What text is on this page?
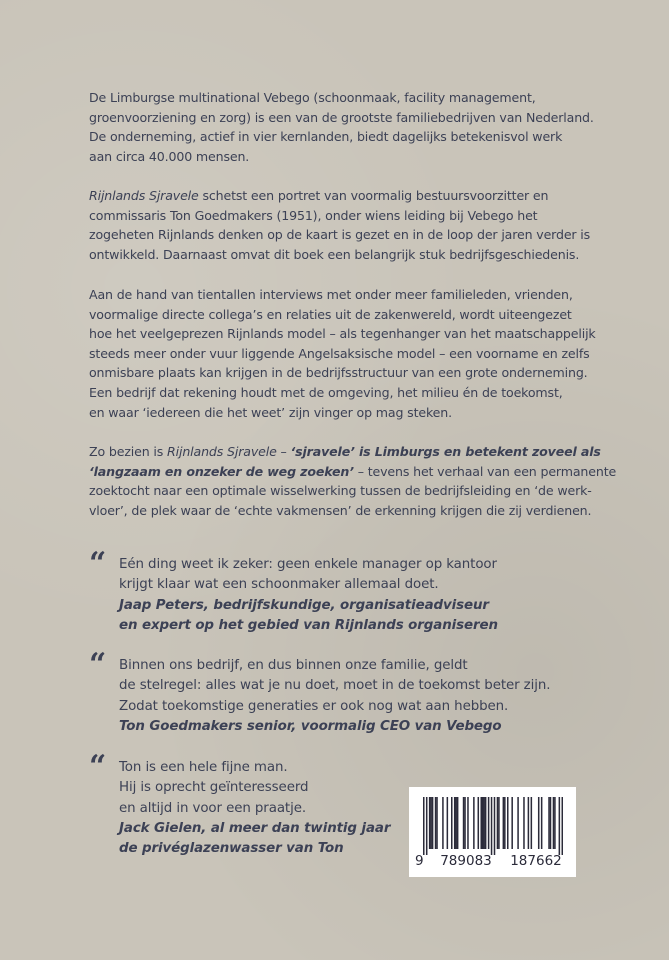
De Limburgse multinational Vebego (schoonmaak, facility management,
groenvoorziening en zorg) is een van de grootste familiebedrijven van Nederland.
De onderneming, actief in vier kernlanden, biedt dagelijks betekenisvol werk
aan circa 40.000 mensen.

Rijnlands Sjravele schetst een portret van voormalig bestuursvoorzitter en
commissaris Ton Goedmakers (1951), onder wiens leiding bij Vebego het
zogeheten Rijnlands denken op de kaart is gezet en in de loop der jaren verder is
ontwikkeld. Daarnaast omvat dit boek een belangrijk stuk bedrijfsgeschiedenis.

Aan de hand van tientallen interviews met onder meer familieleden, vrienden,
voormalige directe collega’s en relaties uit de zakenwereld, wordt uiteengezet
hoe het veelgeprezen Rijnlands model – als tegenhanger van het maatschappelijk
steeds meer onder vuur liggende Angelsaksische model – een voorname en zelfs
onmisbare plaats kan krijgen in de bedrijfsstructuur van een grote onderneming.
Een bedrijf dat rekening houdt met de omgeving, het milieu én de toekomst,
en waar ‘iedereen die het weet’ zijn vinger op mag steken.

Zo bezien is Rijnlands Sjravele – ‘sjravele’ is Limburgs en betekent zoveel als
‘langzaam en onzeker de weg zoeken’ – tevens het verhaal van een permanente
zoektocht naar een optimale wisselwerking tussen de bedrijfsleiding en ‘de werk-
vloer’, de plek waar de ‘echte vakmensen’ de erkenning krijgen die zij verdienen.

“ Eén ding weet ik zeker: geen enkele manager op kantoor
krijgt klaar wat een schoonmaker allemaal doet.
Jaap Peters, bedrijfskundige, organisatieadviseur
en expert op het gebied van Rijnlands organiseren
“ Binnen ons bedrijf, en dus binnen onze familie, geldt
de stelregel: alles wat je nu doet, moet in de toekomst beter zijn.
Zodat toekomstige generaties er ook nog wat aan hebben.
Ton Goedmakers senior, voormalig CEO van Vebego
“ Ton is een hele fijne man.
Hij is oprecht geïnteresseerd
en altijd in voor een praatje.
Jack Gielen, al meer dan twintig jaar
de privéglazenwasser van Ton
9	789083	187662
